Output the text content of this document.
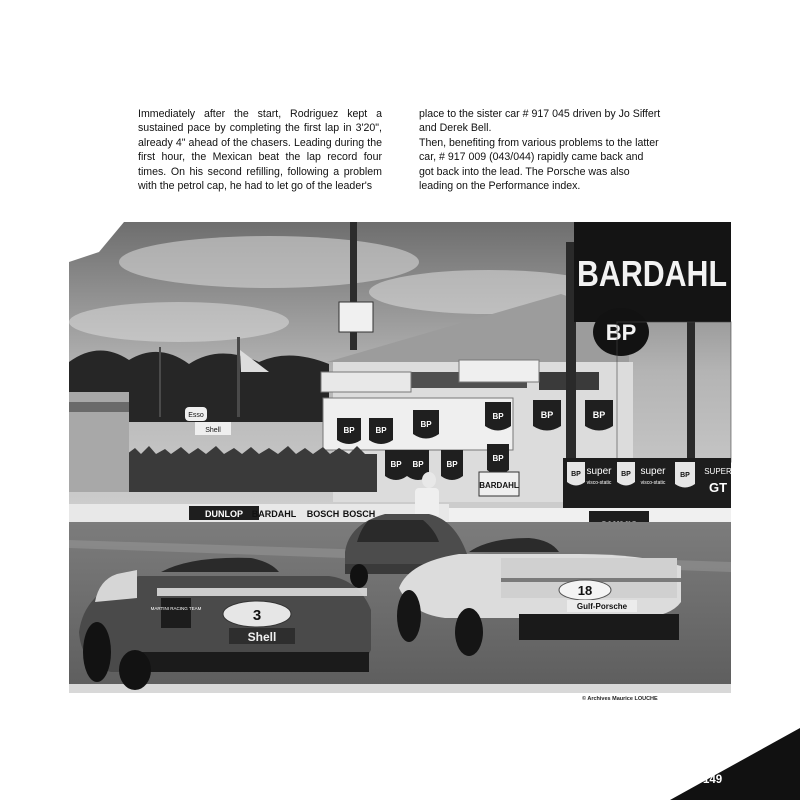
Immediately after the start, Rodriguez kept a sustained pace by completing the first lap in 3'20", already 4" ahead of the chasers. Leading during the first hour, the Mexican beat the lap record four times. On his second refilling, following a problem with the petrol cap, he had to let go of the leader's

place to the sister car # 917 045 driven by Jo Siffert and Derek Bell.

Then, benefiting from various problems to the latter car, # 917 009 (043/044) rapidly came back and got back into the lead. The Porsche was also leading on the Performance index.

Esso
Shell	BP	BP
BP
BP	BP	BP
BP BP	BP
BP
BARDAHL
BARDAHL
BP
BP super
visco-static
BP super
visco-static
BP SUPER
GT
DUNLOP BARDAHL BOSCH BOSCH
18
Gulf-Porsche
3
MARTINI RACING TEAM
Shell
© Archives Maurice LOUCHE
149
